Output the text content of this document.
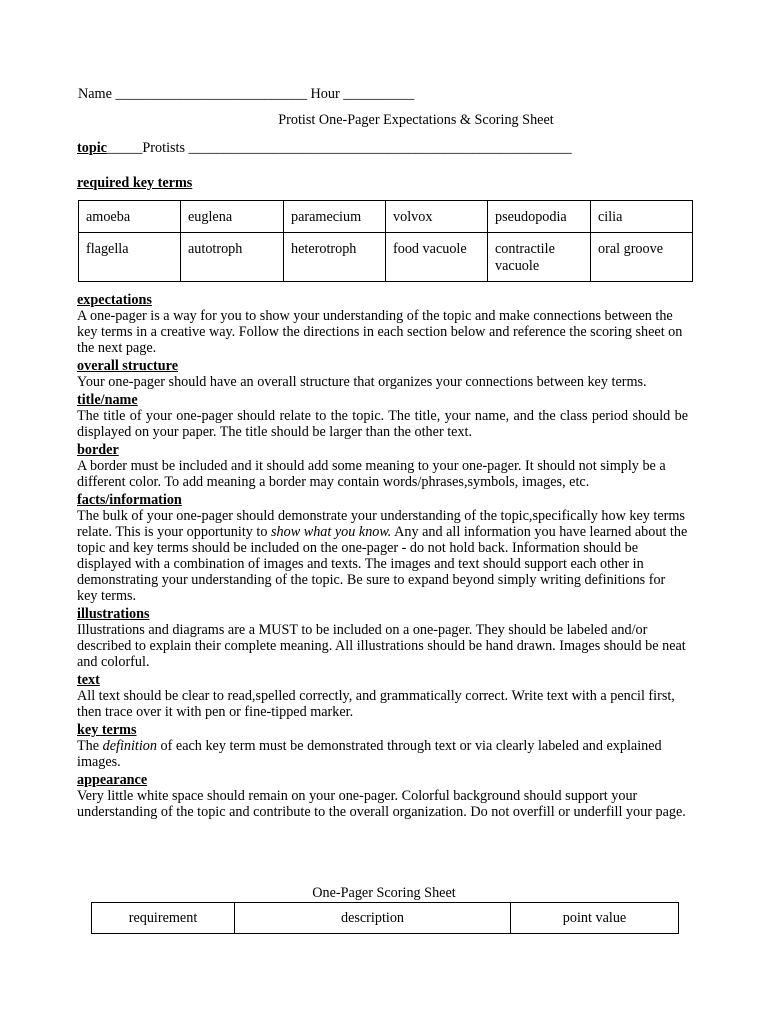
Name ___________________________ Hour __________
Protist One-Pager Expectations & Scoring Sheet
topic_____Protists ______________________________________________________
required key terms
amoeba	euglena	paramecium	volvox	pseudopodia	cilia
flagella	autotroph	heterotroph	food vacuole	contractile vacuole	oral groove
expectations
A one-pager is a way for you to show your understanding of the topic and make connections between the key terms in a creative way. Follow the directions in each section below and reference the scoring sheet on the next page.
overall structure
Your one-pager should have an overall structure that organizes your connections between key terms.
title/name
The title of your one-pager should relate to the topic. The title, your name, and the class period should be displayed on your paper. The title should be larger than the other text.
border
A border must be included and it should add some meaning to your one-pager. It should not simply be a different color. To add meaning a border may contain words/phrases,symbols, images, etc.
facts/information
The bulk of your one-pager should demonstrate your understanding of the topic,specifically how key terms relate. This is your opportunity to show what you know. Any and all information you have learned about the topic and key terms should be included on the one-pager - do not hold back. Information should be displayed with a combination of images and texts. The images and text should support each other in demonstrating your understanding of the topic. Be sure to expand beyond simply writing definitions for key terms.
illustrations
Illustrations and diagrams are a MUST to be included on a one-pager. They should be labeled and/or described to explain their complete meaning. All illustrations should be hand drawn. Images should be neat and colorful.
text
All text should be clear to read,spelled correctly, and grammatically correct. Write text with a pencil first, then trace over it with pen or fine-tipped marker.
key terms
The definition of each key term must be demonstrated through text or via clearly labeled and explained images.
appearance
Very little white space should remain on your one-pager. Colorful background should support your understanding of the topic and contribute to the overall organization. Do not overfill or underfill your page.
One-Pager Scoring Sheet
requirement	description	point value
